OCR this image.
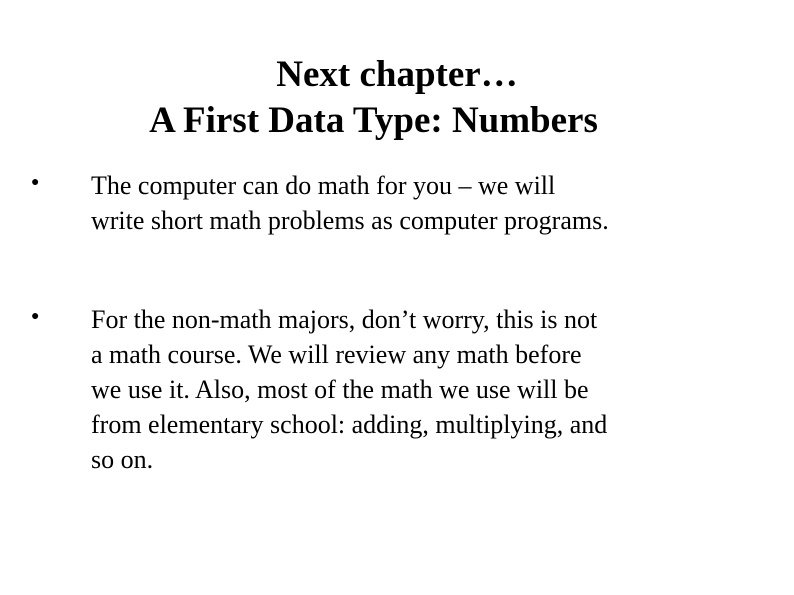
Next chapter…
A First Data Type: Numbers
● The computer can do math for you – we will
write short math problems as computer programs.
● For the non-math majors, don’t worry, this is not
a math course. We will review any math before
we use it. Also, most of the math we use will be
from elementary school: adding, multiplying, and
so on.
